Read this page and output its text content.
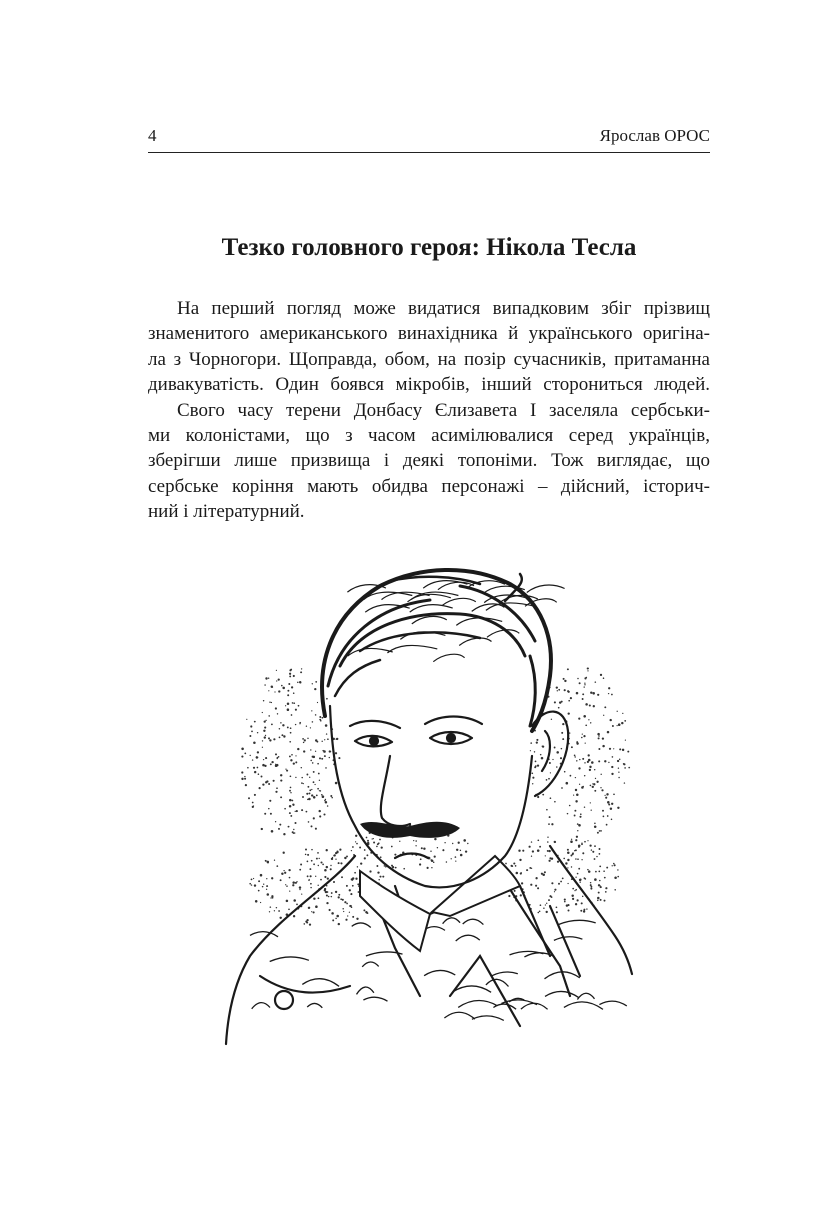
4	Ярослав ОРОС
Тезко головного героя: Нікола Тесла
На перший погляд може видатися випадковим збіг прізвищ
знаменитого американського винахідника й українського оригіна-
ла з Чорногори. Щоправда, обом, на позір сучасників, притаманна
дивакуватість. Один боявся мікробів, інший сторониться людей.
Свого часу терени Донбасу Єлизавета І заселяла сербськи-
ми колоністами, що з часом асимілювалися серед українців,
зберігши лише призвища і деякі топоніми. Тож виглядає, що
сербське коріння мають обидва персонажі – дійсний, історич-
ний і літературний.
